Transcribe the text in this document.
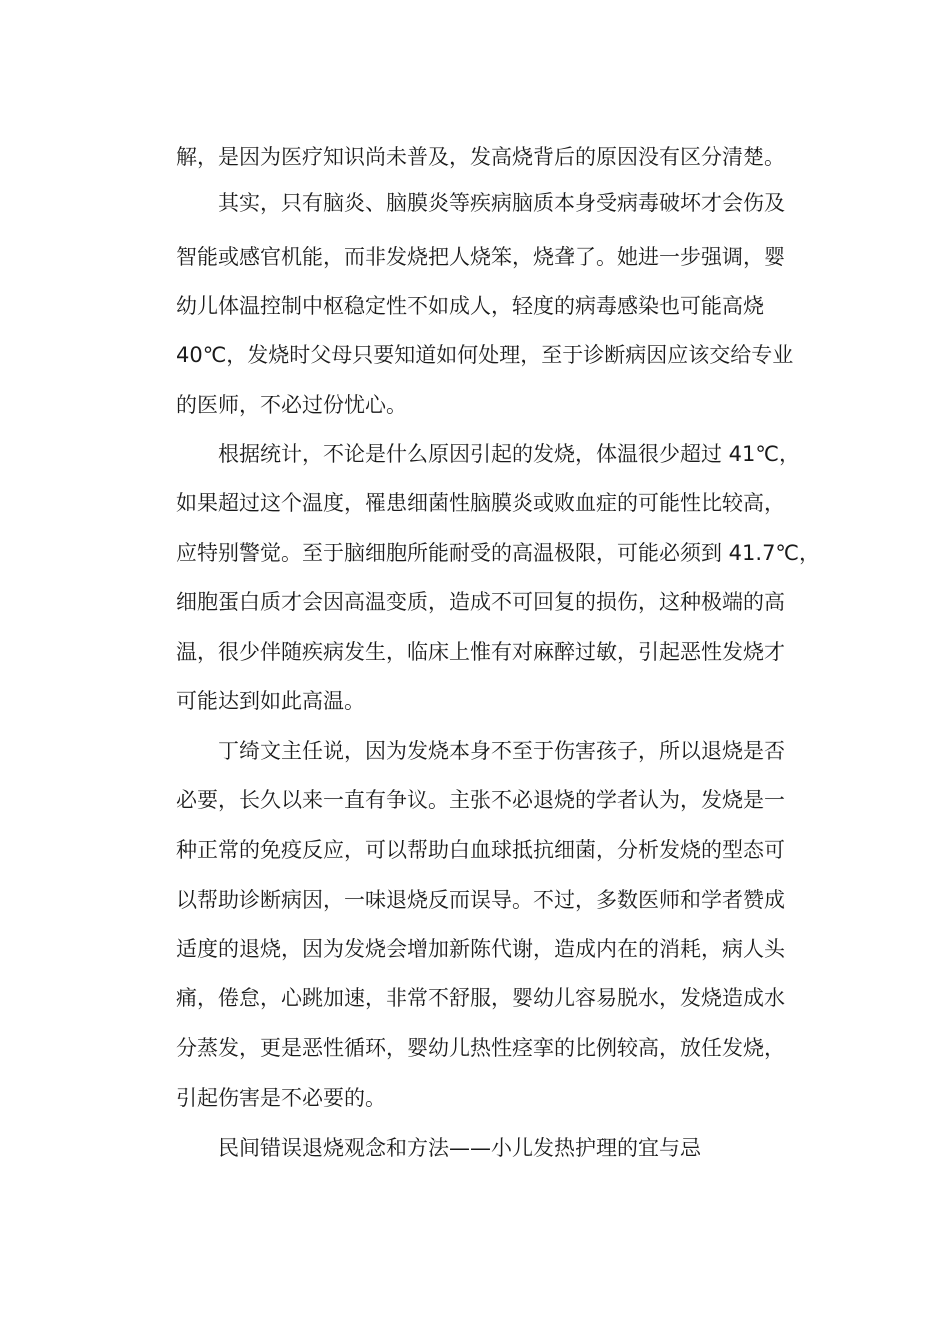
解，是因为医疗知识尚未普及，发高烧背后的原因没有区分清楚。
其实，只有脑炎、脑膜炎等疾病脑质本身受病毒破坏才会伤及
智能或感官机能，而非发烧把人烧笨，烧聋了。她进一步强调，婴
幼儿体温控制中枢稳定性不如成人，轻度的病毒感染也可能高烧
40℃，发烧时父母只要知道如何处理，至于诊断病因应该交给专业
的医师，不必过份忧心。
根据统计，不论是什么原因引起的发烧，体温很少超过 41℃，
如果超过这个温度，罹患细菌性脑膜炎或败血症的可能性比较高，
应特别警觉。至于脑细胞所能耐受的高温极限，可能必须到 41.7℃，
细胞蛋白质才会因高温变质，造成不可回复的损伤，这种极端的高
温，很少伴随疾病发生，临床上惟有对麻醉过敏，引起恶性发烧才
可能达到如此高温。
丁绮文主任说，因为发烧本身不至于伤害孩子，所以退烧是否
必要，长久以来一直有争议。主张不必退烧的学者认为，发烧是一
种正常的免疫反应，可以帮助白血球抵抗细菌，分析发烧的型态可
以帮助诊断病因，一味退烧反而误导。不过，多数医师和学者赞成
适度的退烧，因为发烧会增加新陈代谢，造成内在的消耗，病人头
痛，倦怠，心跳加速，非常不舒服，婴幼儿容易脱水，发烧造成水
分蒸发，更是恶性循环，婴幼儿热性痉挛的比例较高，放任发烧，
引起伤害是不必要的。
民间错误退烧观念和方法——小儿发热护理的宜与忌
